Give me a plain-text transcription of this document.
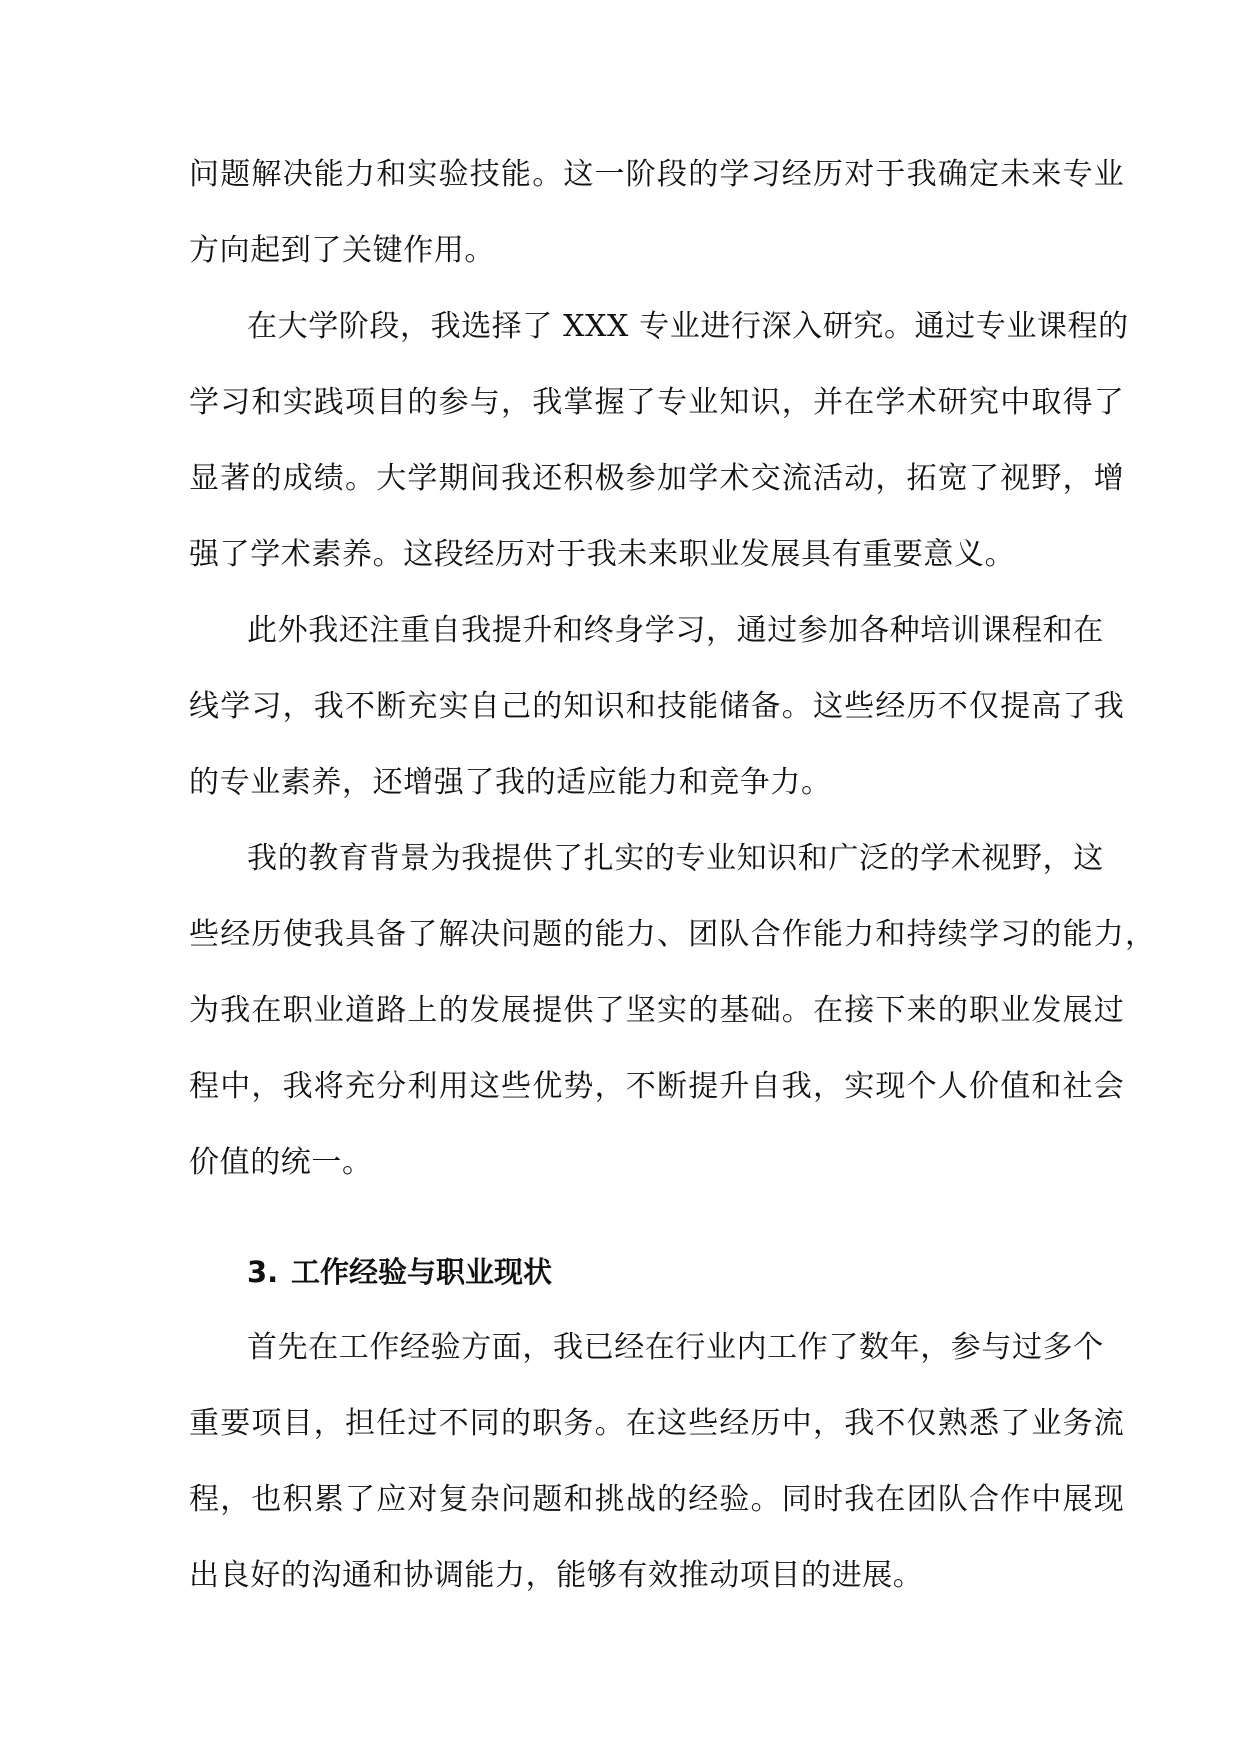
问题解决能力和实验技能。这一阶段的学习经历对于我确定未来专业
方向起到了关键作用。
在大学阶段，我选择了 XXX 专业进行深入研究。通过专业课程的
学习和实践项目的参与，我掌握了专业知识，并在学术研究中取得了
显著的成绩。大学期间我还积极参加学术交流活动，拓宽了视野，增
强了学术素养。这段经历对于我未来职业发展具有重要意义。
此外我还注重自我提升和终身学习，通过参加各种培训课程和在
线学习，我不断充实自己的知识和技能储备。这些经历不仅提高了我
的专业素养，还增强了我的适应能力和竞争力。
我的教育背景为我提供了扎实的专业知识和广泛的学术视野，这
些经历使我具备了解决问题的能力、团队合作能力和持续学习的能力，
为我在职业道路上的发展提供了坚实的基础。在接下来的职业发展过
程中，我将充分利用这些优势，不断提升自我，实现个人价值和社会
价值的统一。
3. 工作经验与职业现状
首先在工作经验方面，我已经在行业内工作了数年，参与过多个
重要项目，担任过不同的职务。在这些经历中，我不仅熟悉了业务流
程，也积累了应对复杂问题和挑战的经验。同时我在团队合作中展现
出良好的沟通和协调能力，能够有效推动项目的进展。
